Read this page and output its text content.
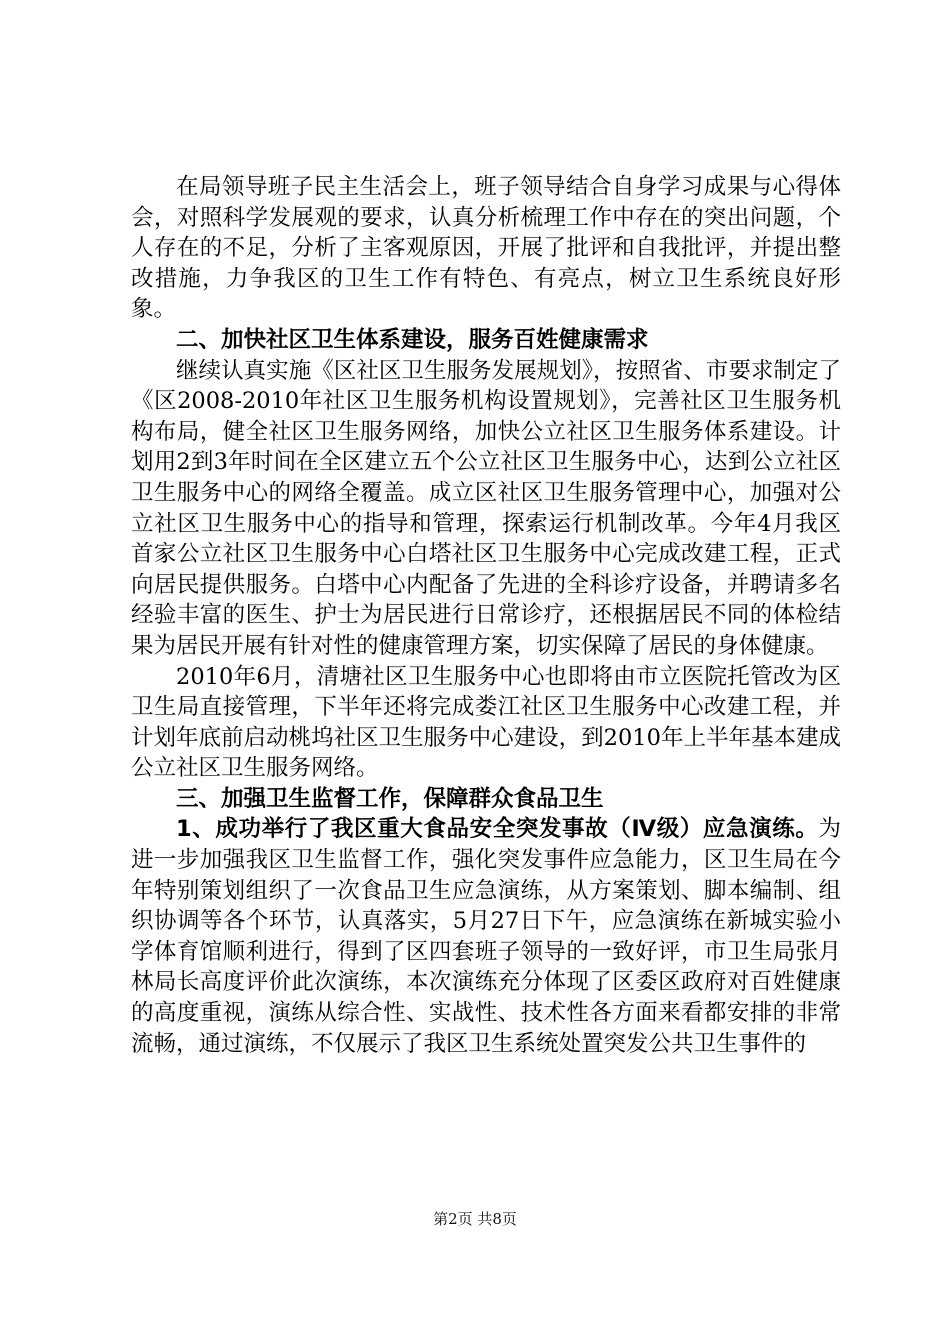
在局领导班子民主生活会上，班子领导结合自身学习成果与心得体会，对照科学发展观的要求，认真分析梳理工作中存在的突出问题，个人存在的不足，分析了主客观原因，开展了批评和自我批评，并提出整改措施，力争我区的卫生工作有特色、有亮点，树立卫生系统良好形象。

二、加快社区卫生体系建设，服务百姓健康需求

继续认真实施《区社区卫生服务发展规划》，按照省、市要求制定了《区2008-2010年社区卫生服务机构设置规划》，完善社区卫生服务机构布局，健全社区卫生服务网络，加快公立社区卫生服务体系建设。计划用2到3年时间在全区建立五个公立社区卫生服务中心，达到公立社区卫生服务中心的网络全覆盖。成立区社区卫生服务管理中心，加强对公立社区卫生服务中心的指导和管理，探索运行机制改革。今年4月我区首家公立社区卫生服务中心白塔社区卫生服务中心完成改建工程，正式向居民提供服务。白塔中心内配备了先进的全科诊疗设备，并聘请多名经验丰富的医生、护士为居民进行日常诊疗，还根据居民不同的体检结果为居民开展有针对性的健康管理方案，切实保障了居民的身体健康。

2010年6月，清塘社区卫生服务中心也即将由市立医院托管改为区卫生局直接管理，下半年还将完成娄江社区卫生服务中心改建工程，并计划年底前启动桃坞社区卫生服务中心建设，到2010年上半年基本建成公立社区卫生服务网络。

三、加强卫生监督工作，保障群众食品卫生

1、成功举行了我区重大食品安全突发事故（Ⅳ级）应急演练。为进一步加强我区卫生监督工作，强化突发事件应急能力，区卫生局在今年特别策划组织了一次食品卫生应急演练，从方案策划、脚本编制、组织协调等各个环节，认真落实，5月27日下午，应急演练在新城实验小学体育馆顺利进行，得到了区四套班子领导的一致好评，市卫生局张月林局长高度评价此次演练，本次演练充分体现了区委区政府对百姓健康的高度重视，演练从综合性、实战性、技术性各方面来看都安排的非常流畅，通过演练，不仅展示了我区卫生系统处置突发公共卫生事件的

第2页 共8页
